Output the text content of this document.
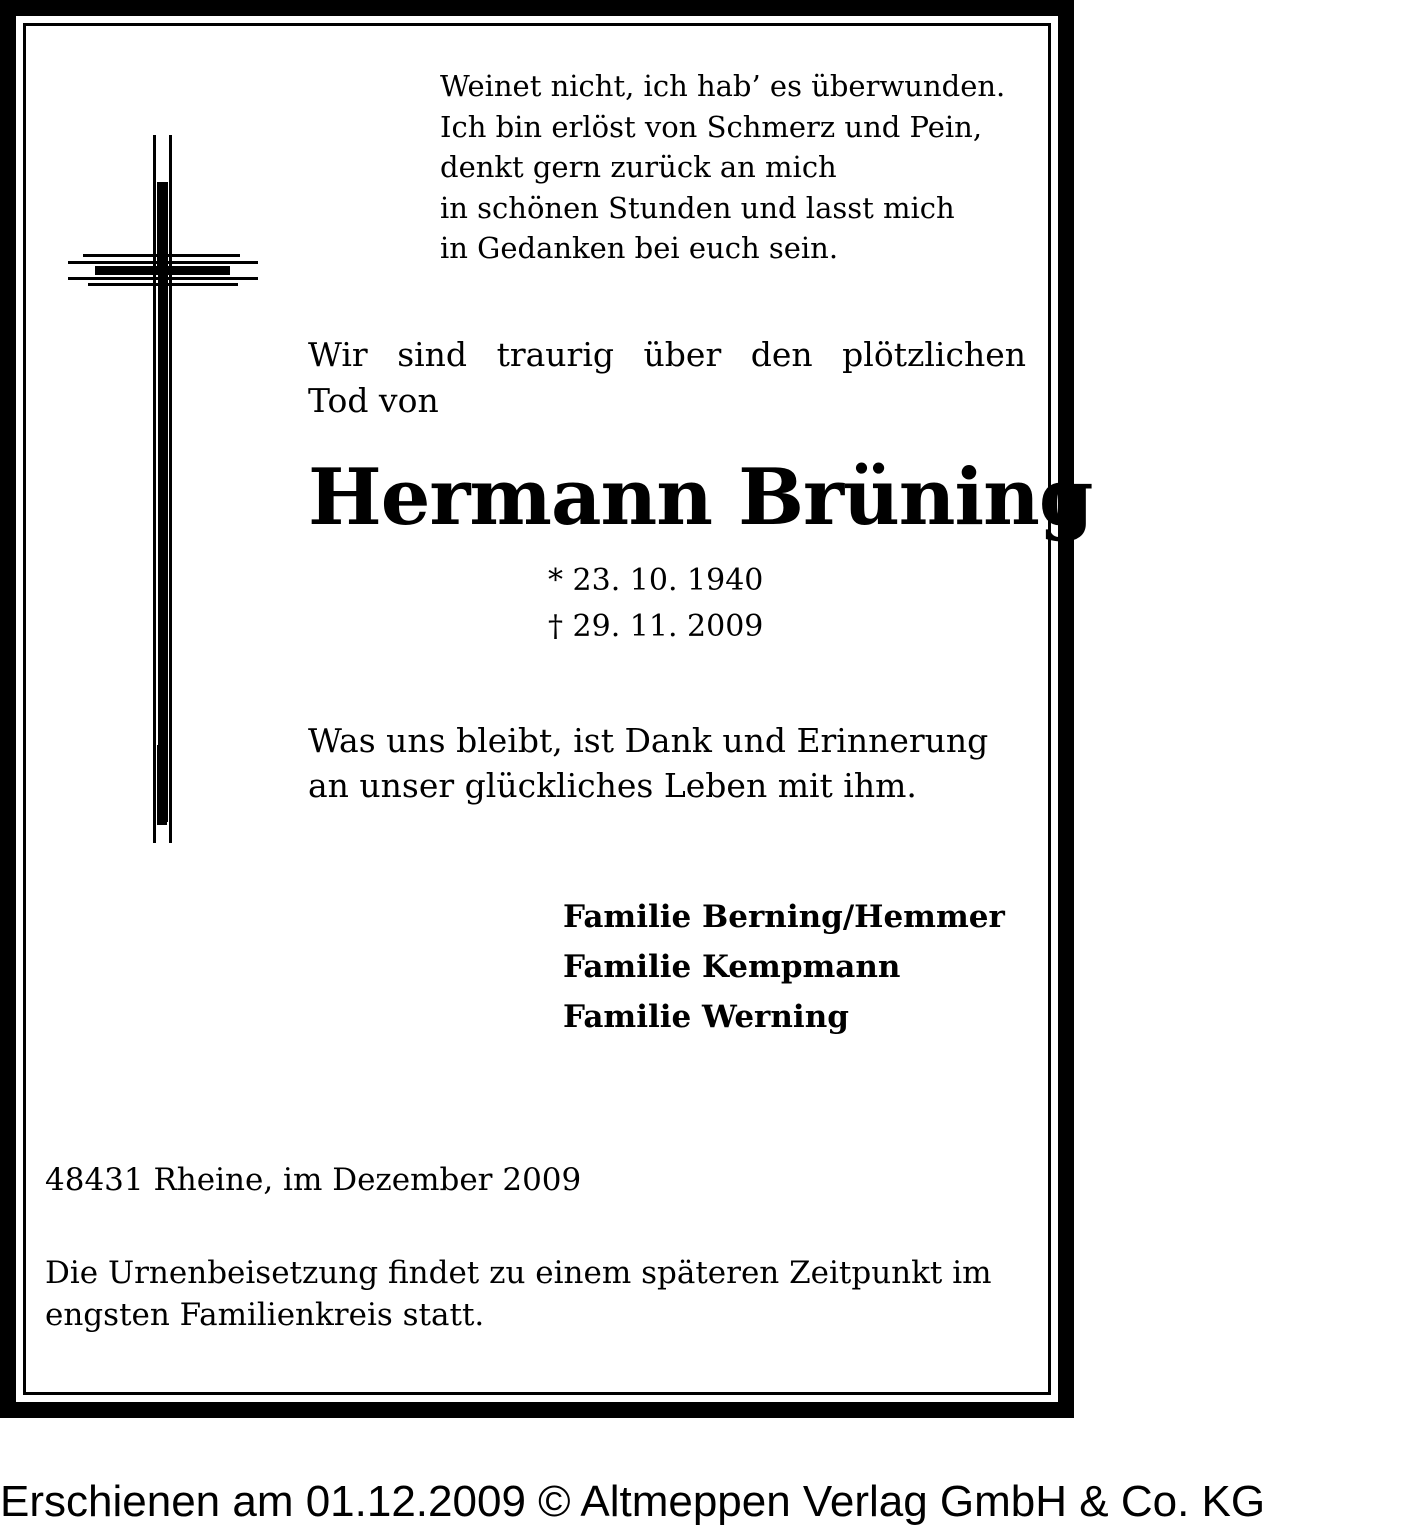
Weinet nicht, ich hab’ es überwunden.
Ich bin erlöst von Schmerz und Pein,
denkt gern zurück an mich
in schönen Stunden und lasst mich
in Gedanken bei euch sein.
Wir sind traurig über den plötzlichen
Tod von
Hermann Brüning
* 23. 10. 1940
† 29. 11. 2009
Was uns bleibt, ist Dank und Erinnerung
an unser glückliches Leben mit ihm.
Familie Berning/Hemmer
Familie Kempmann
Familie Werning
48431 Rheine, im Dezember 2009
Die Urnenbeisetzung findet zu einem späteren Zeitpunkt im
engsten Familienkreis statt.
Erschienen am 01.12.2009 © Altmeppen Verlag GmbH & Co. KG
